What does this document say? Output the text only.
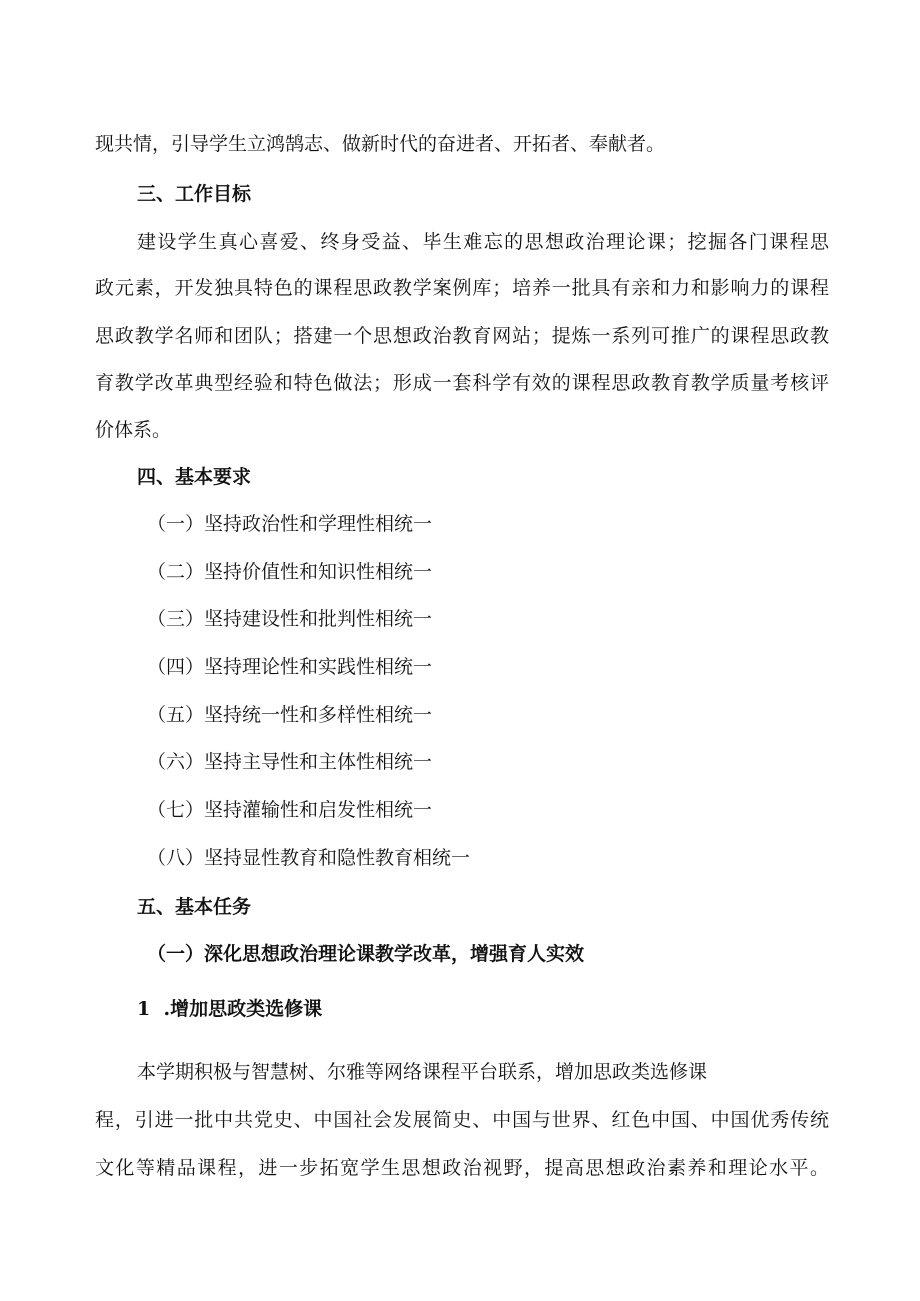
现共情，引导学生立鸿鹄志、做新时代的奋进者、开拓者、奉献者。
三、工作目标
建设学生真心喜爱、终身受益、毕生难忘的思想政治理论课；挖掘各门课程思
政元素，开发独具特色的课程思政教学案例库；培养一批具有亲和力和影响力的课程
思政教学名师和团队；搭建一个思想政治教育网站；提炼一系列可推广的课程思政教
育教学改革典型经验和特色做法；形成一套科学有效的课程思政教育教学质量考核评
价体系。
四、基本要求
（一）坚持政治性和学理性相统一
（二）坚持价值性和知识性相统一
（三）坚持建设性和批判性相统一
（四）坚持理论性和实践性相统一
（五）坚持统一性和多样性相统一
（六）坚持主导性和主体性相统一
（七）坚持灌输性和启发性相统一
（八）坚持显性教育和隐性教育相统一
五、基本任务
（一）深化思想政治理论课教学改革，增强育人实效
1  .增加思政类选修课
本学期积极与智慧树、尔雅等网络课程平台联系，增加思政类选修课
程，引进一批中共党史、中国社会发展简史、中国与世界、红色中国、中国优秀传统
文化等精品课程，进一步拓宽学生思想政治视野，提高思想政治素养和理论水平。
